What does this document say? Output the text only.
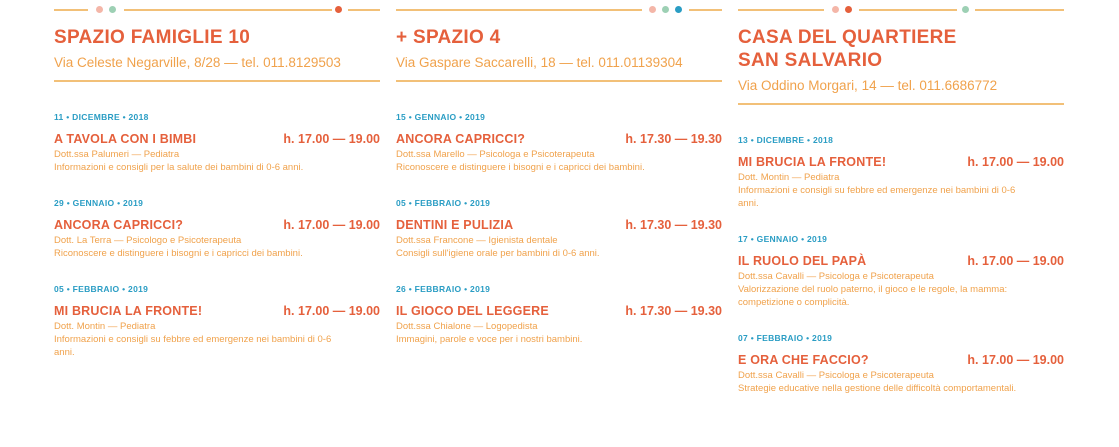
SPAZIO FAMIGLIE 10
Via Celeste Negarville, 8/28 — tel. 011.8129503
11 • DICEMBRE • 2018
A TAVOLA CON I BIMBI	h. 17.00 — 19.00
Dott.ssa Palumeri — Pediatra
Informazioni e consigli per la salute dei bambini di 0-6 anni.
29 • GENNAIO • 2019
ANCORA CAPRICCI?	h. 17.00 — 19.00
Dott. La Terra — Psicologo e Psicoterapeuta
Riconoscere e distinguere i bisogni e i capricci dei bambini.
05 • FEBBRAIO • 2019
MI BRUCIA LA FRONTE!	h. 17.00 — 19.00
Dott. Montin — Pediatra
Informazioni e consigli su febbre ed emergenze nei bambini di 0-6 anni.
+ SPAZIO 4
Via Gaspare Saccarelli, 18 — tel. 011.01139304
15 • GENNAIO • 2019
ANCORA CAPRICCI?	h. 17.30 — 19.30
Dott.ssa Marello — Psicologa e Psicoterapeuta
Riconoscere e distinguere i bisogni e i capricci dei bambini.
05 • FEBBRAIO • 2019
DENTINI E PULIZIA	h. 17.30 — 19.30
Dott.ssa Francone — Igienista dentale
Consigli sull'igiene orale per bambini di 0-6 anni.
26 • FEBBRAIO • 2019
IL GIOCO DEL LEGGERE	h. 17.30 — 19.30
Dott.ssa Chialone — Logopedista
Immagini, parole e voce per i nostri bambini.
CASA DEL QUARTIERE SAN SALVARIO
Via Oddino Morgari, 14 — tel. 011.6686772
13 • DICEMBRE • 2018
MI BRUCIA LA FRONTE!	h. 17.00 — 19.00
Dott. Montin — Pediatra
Informazioni e consigli su febbre ed emergenze nei bambini di 0-6 anni.
17 • GENNAIO • 2019
IL RUOLO DEL PAPÀ	h. 17.00 — 19.00
Dott.ssa Cavalli — Psicologa e Psicoterapeuta
Valorizzazione del ruolo paterno, il gioco e le regole, la mamma: competizione o complicità.
07 • FEBBRAIO • 2019
E ORA CHE FACCIO?	h. 17.00 — 19.00
Dott.ssa Cavalli — Psicologa e Psicoterapeuta
Strategie educative nella gestione delle difficoltà comportamentali.
